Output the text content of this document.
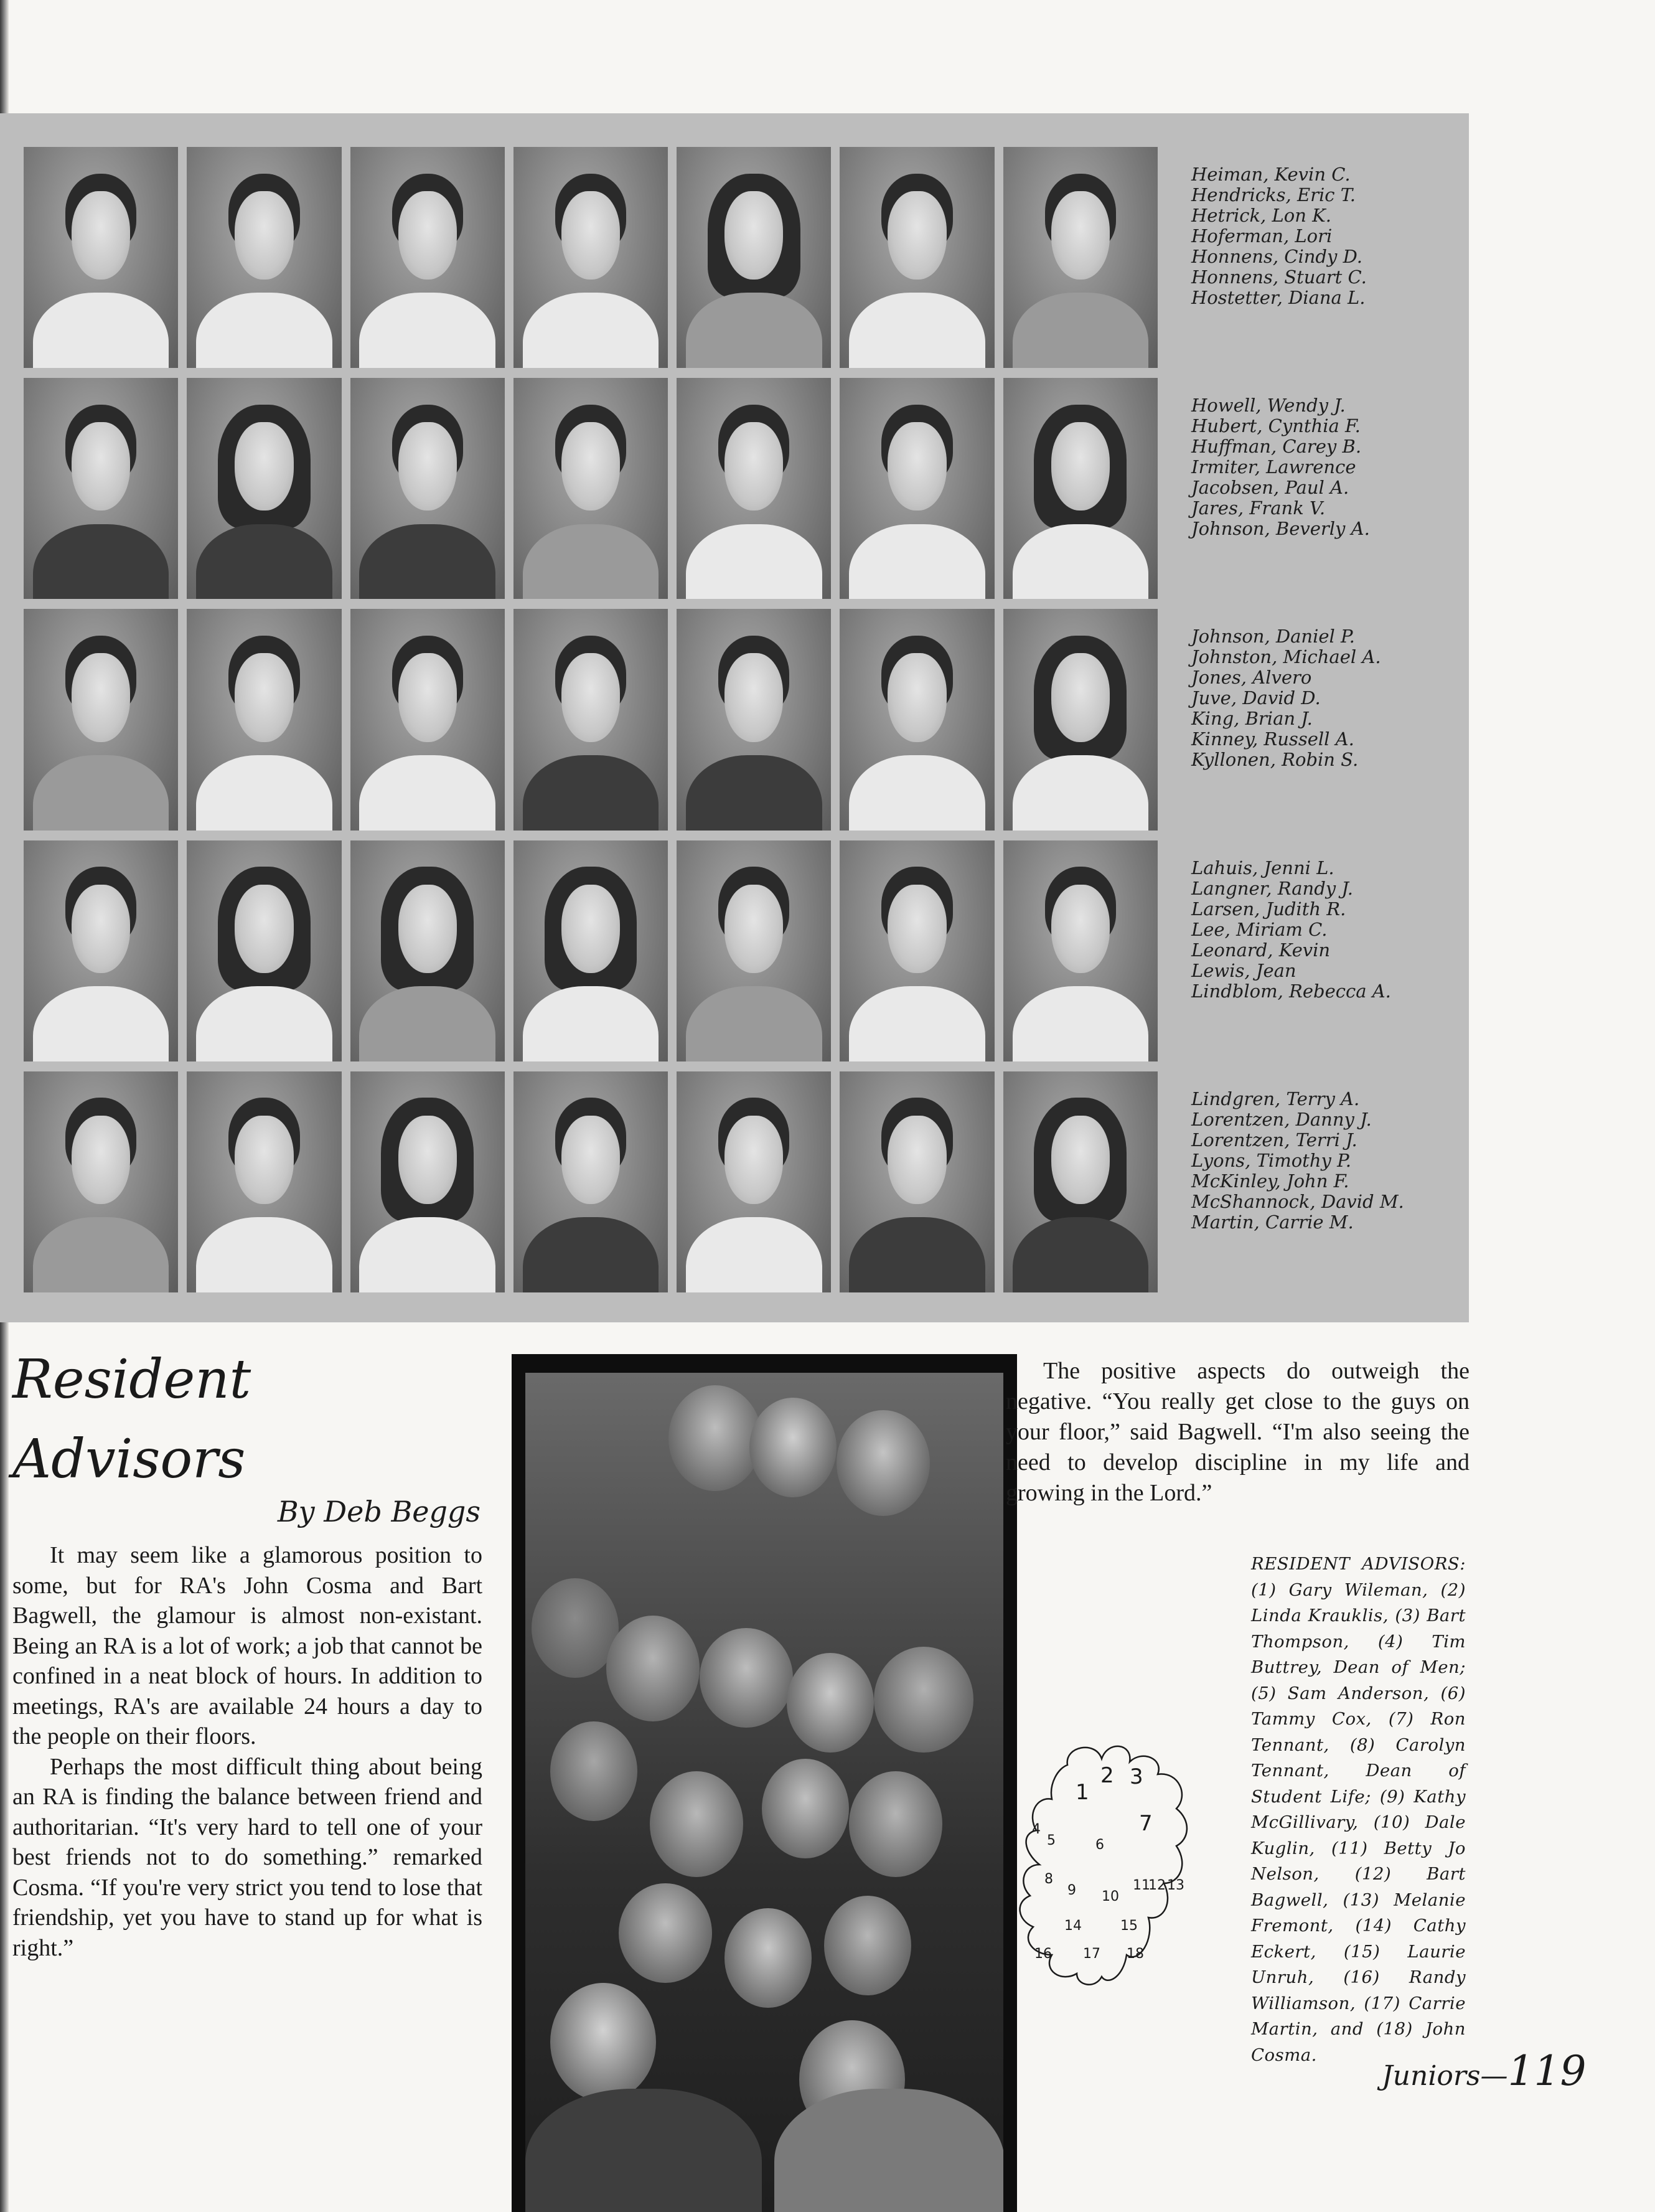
Heiman, Kevin C.
Hendricks, Eric T.
Hetrick, Lon K.
Hoferman, Lori
Honnens, Cindy D.
Honnens, Stuart C.
Hostetter, Diana L.
Howell, Wendy J.
Hubert, Cynthia F.
Huffman, Carey B.
Irmiter, Lawrence
Jacobsen, Paul A.
Jares, Frank V.
Johnson, Beverly A.
Johnson, Daniel P.
Johnston, Michael A.
Jones, Alvero
Juve, David D.
King, Brian J.
Kinney, Russell A.
Kyllonen, Robin S.
Lahuis, Jenni L.
Langner, Randy J.
Larsen, Judith R.
Lee, Miriam C.
Leonard, Kevin
Lewis, Jean
Lindblom, Rebecca A.
Lindgren, Terry A.
Lorentzen, Danny J.
Lorentzen, Terri J.
Lyons, Timothy P.
McKinley, John F.
McShannock, David M.
Martin, Carrie M.
Resident
Advisors

By Deb Beggs

It may seem like a glamorous position to some, but for RA's John Cosma and Bart Bagwell, the glamour is almost non-existant. Being an RA is a lot of work; a job that cannot be confined in a neat block of hours. In addition to meetings, RA's are available 24 hours a day to the people on their floors.

Perhaps the most difficult thing about being an RA is finding the balance between friend and authoritarian. “It's very hard to tell one of your best friends not to do something.” remarked Cosma. “If you're very strict you tend to lose that friendship, yet you have to stand up for what is right.”

The positive aspects do outweigh the negative. “You really get close to the guys on your floor,” said Bagwell. “I'm also seeing the need to develop discipline in my life and growing in the Lord.”

1
2 3
4
5	6
7
8
9 10
11
12 13
14	15
16 17 18

RESIDENT ADVISORS: (1) Gary Wileman, (2) Linda Krauklis, (3) Bart Thompson, (4) Tim Buttrey, Dean of Men; (5) Sam Anderson, (6) Tammy Cox, (7) Ron Tennant, (8) Carolyn Tennant, Dean of Student Life; (9) Kathy McGillivary, (10) Dale Kuglin, (11) Betty Jo Nelson, (12) Bart Bagwell, (13) Melanie Fremont, (14) Cathy Eckert, (15) Laurie Unruh, (16) Randy Williamson, (17) Carrie Martin, and (18) John Cosma.

Juniors—119
